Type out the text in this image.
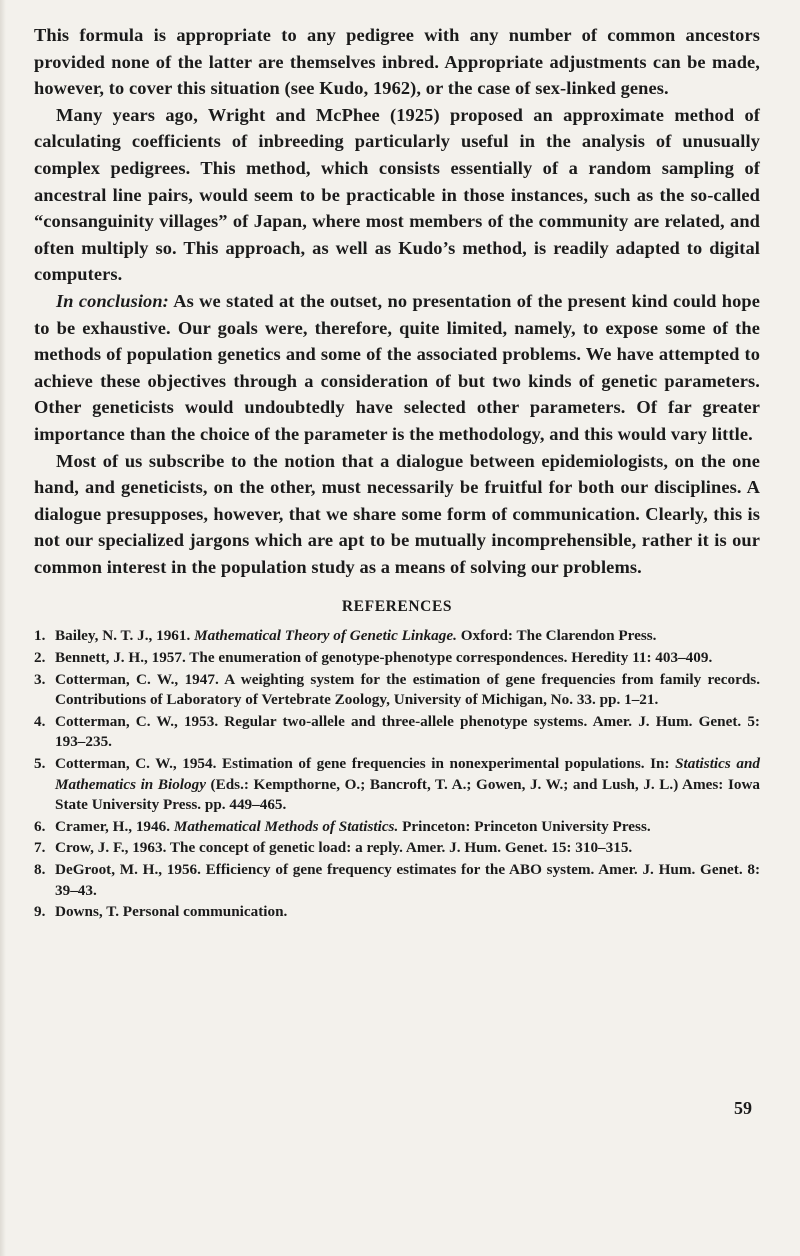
This formula is appropriate to any pedigree with any number of common ancestors provided none of the latter are themselves inbred. Appropriate adjustments can be made, however, to cover this situation (see Kudo, 1962), or the case of sex-linked genes.

Many years ago, Wright and McPhee (1925) proposed an approximate method of calculating coefficients of inbreeding particularly useful in the analysis of unusually complex pedigrees. This method, which consists essentially of a random sampling of ancestral line pairs, would seem to be practicable in those instances, such as the so-called “consanguinity villages” of Japan, where most members of the community are related, and often multiply so. This approach, as well as Kudo’s method, is readily adapted to digital computers.

In conclusion: As we stated at the outset, no presentation of the present kind could hope to be exhaustive. Our goals were, therefore, quite limited, namely, to expose some of the methods of population genetics and some of the associated problems. We have attempted to achieve these objectives through a consideration of but two kinds of genetic parameters. Other geneticists would undoubtedly have selected other parameters. Of far greater importance than the choice of the parameter is the methodology, and this would vary little.

Most of us subscribe to the notion that a dialogue between epidemiologists, on the one hand, and geneticists, on the other, must necessarily be fruitful for both our disciplines. A dialogue presupposes, however, that we share some form of communication. Clearly, this is not our specialized jargons which are apt to be mutually incomprehensible, rather it is our common interest in the population study as a means of solving our problems.

REFERENCES
1. Bailey, N. T. J., 1961. Mathematical Theory of Genetic Linkage. Oxford: The Clarendon Press.
2. Bennett, J. H., 1957. The enumeration of genotype-phenotype correspondences. Heredity 11: 403–409.
3. Cotterman, C. W., 1947. A weighting system for the estimation of gene frequencies from family records. Contributions of Laboratory of Vertebrate Zoology, University of Michigan, No. 33. pp. 1–21.
4. Cotterman, C. W., 1953. Regular two-allele and three-allele phenotype systems. Amer. J. Hum. Genet. 5: 193–235.
5. Cotterman, C. W., 1954. Estimation of gene frequencies in nonexperimental populations. In: Statistics and Mathematics in Biology (Eds.: Kempthorne, O.; Bancroft, T. A.; Gowen, J. W.; and Lush, J. L.) Ames: Iowa State University Press. pp. 449–465.
6. Cramer, H., 1946. Mathematical Methods of Statistics. Princeton: Princeton University Press.
7. Crow, J. F., 1963. The concept of genetic load: a reply. Amer. J. Hum. Genet. 15: 310–315.
8. DeGroot, M. H., 1956. Efficiency of gene frequency estimates for the ABO system. Amer. J. Hum. Genet. 8: 39–43.
9. Downs, T. Personal communication.
59
